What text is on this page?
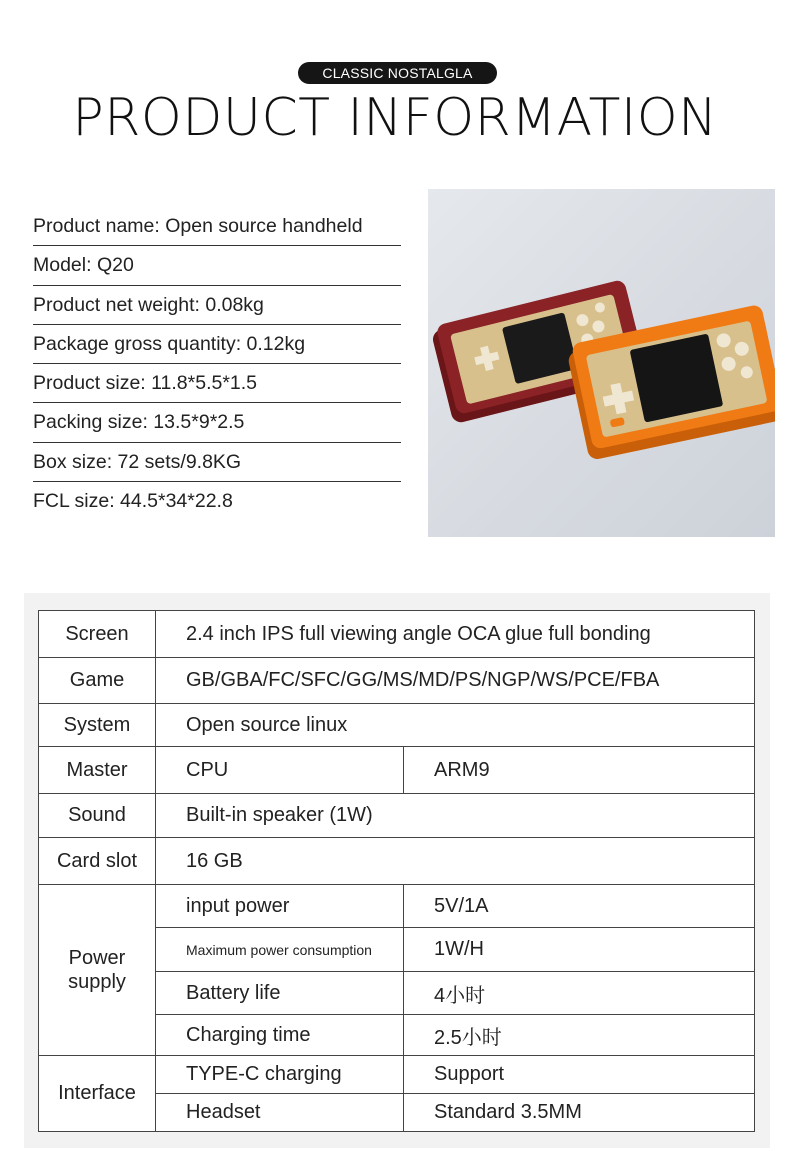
CLASSIC NOSTALGLA
PRODUCT INFORMATION
Product name: Open source handheld
Model: Q20
Product net weight: 0.08kg
Package gross quantity: 0.12kg
Product size: 11.8*5.5*1.5
Packing size: 13.5*9*2.5
Box size: 72 sets/9.8KG
FCL size: 44.5*34*22.8
Screen	2.4 inch IPS full viewing angle OCA glue full bonding	
Game	GB/GBA/FC/SFC/GG/MS/MD/PS/NGP/WS/PCE/FBA	
System	Open source linux	
Master	CPU	ARM9
Sound	Built-in speaker (1W)	
Card slot	16 GB	
Power
supply	input power	5V/1A
	Maximum power consumption	1W/H
	Battery life	4小时
	Charging time	2.5小时
Interface	TYPE-C charging	Support
	Headset	Standard 3.5MM
